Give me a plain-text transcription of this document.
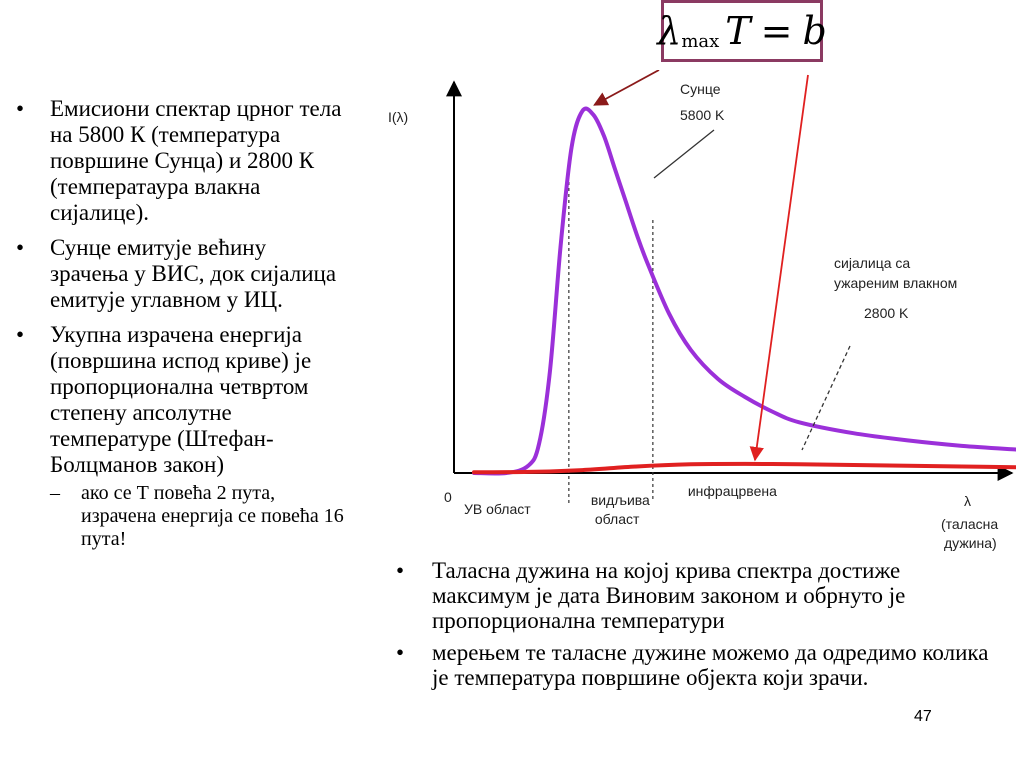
λ max T = b
• Емисиони спектар црног тела на 5800 К (температура површине Сунца) и 2800 К (температаура влакна сијалице).
• Сунце емитује већину зрачења у ВИС, док сијалица емитује углавном у ИЦ.
• Укупна израчена енергија (површина испод криве) је пропорционална четвртом степену апсолутне температуре (Штефан-Болцманов закон)
– ако се Т повећа 2 пута, израчена енергија се повећа 16 пута!
I(λ)
0	λ
(таласна
дужина)
УВ област
видљива
област
инфрацрвена
Сунце
5800 K
сијалица са
ужареним влакном
2800 K
• Таласна дужина на којој крива спектра достиже максимум је дата Виновим законом и обрнуто је пропорционална температури
• мерењем те таласне дужине можемо да одредимо колика је температура површине објекта који зрачи.
47
